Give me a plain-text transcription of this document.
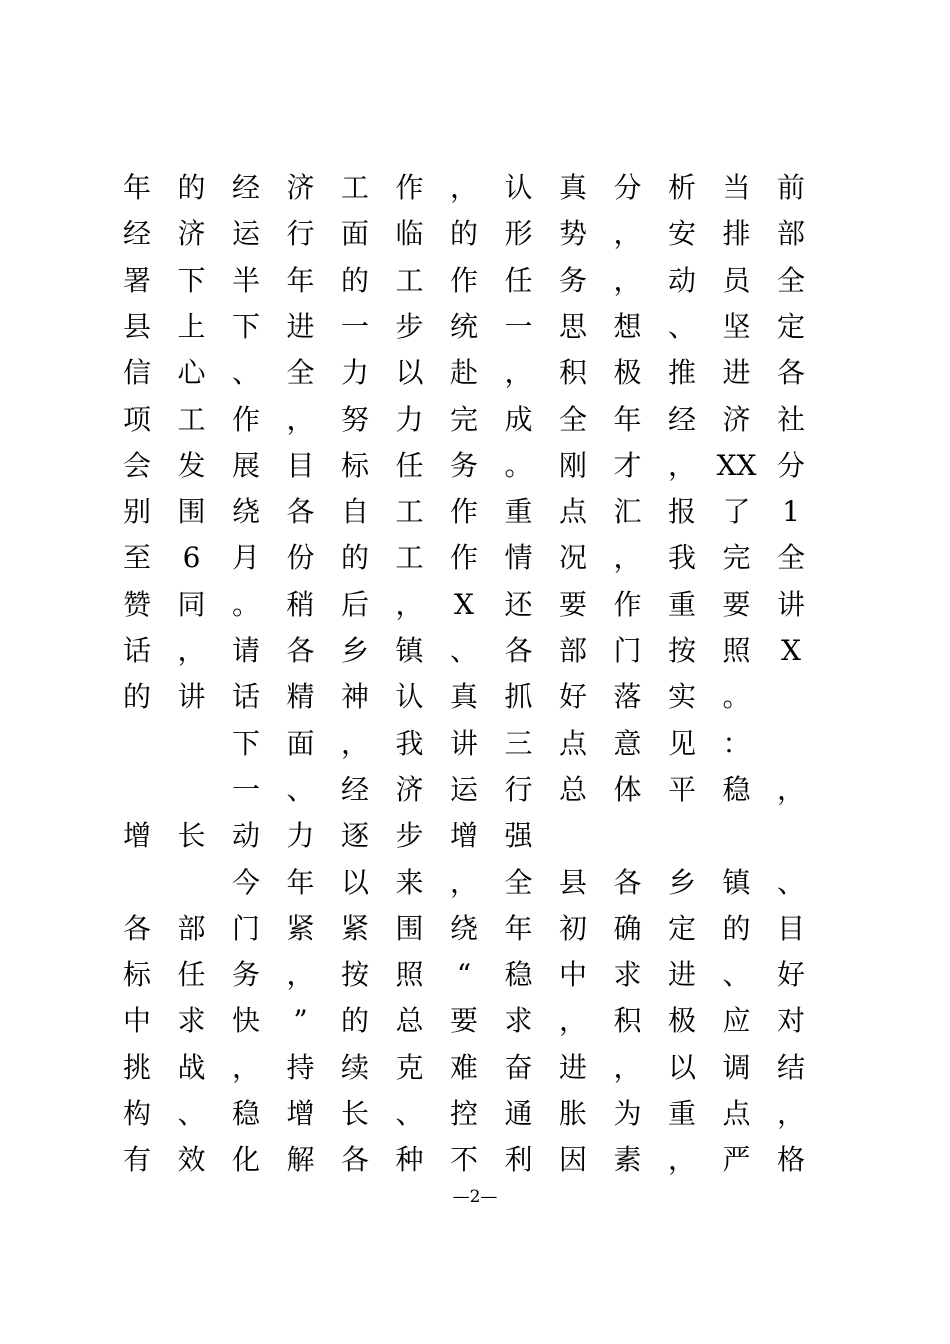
年 的 经 济 工 作 ， 认 真 分 析 当 前
经 济 运 行 面 临 的 形 势 ， 安 排 部
署 下 半 年 的 工 作 任 务 ， 动 员 全
县 上 下 进 一 步 统 一 思 想 、 坚 定
信 心 、 全 力 以 赴 ， 积 极 推 进 各
项 工 作 ， 努 力 完 成 全 年 经 济 社
会 发 展 目 标 任 务 。 刚 才 ， XX 分
别 围 绕 各 自 工 作 重 点 汇 报 了	1
至	6	月 份 的 工 作 情 况 ， 我 完 全
赞 同 。 稍 后 ，	X	还 要 作 重 要 讲
话 ， 请 各 乡 镇 、 各 部 门 按 照	X
的 讲 话 精 神 认 真 抓 好 落 实 。
下 面 ， 我 讲 三 点 意 见 ：
一 、 经 济 运 行 总 体 平 稳 ，
增 长 动 力 逐 步 增 强
今 年 以 来 ， 全 县 各 乡 镇 、
各 部 门 紧 紧 围 绕 年 初 确 定 的 目
标 任 务 ， 按 照	“	稳 中 求 进 、 好
中 求 快	”	的 总 要 求 ， 积 极 应 对
挑 战 ， 持 续 克 难 奋 进 ， 以 调 结
构 、 稳 增 长 、 控 通 胀 为 重 点 ，
有 效 化 解 各 种 不 利 因 素 ， 严 格
—2—
